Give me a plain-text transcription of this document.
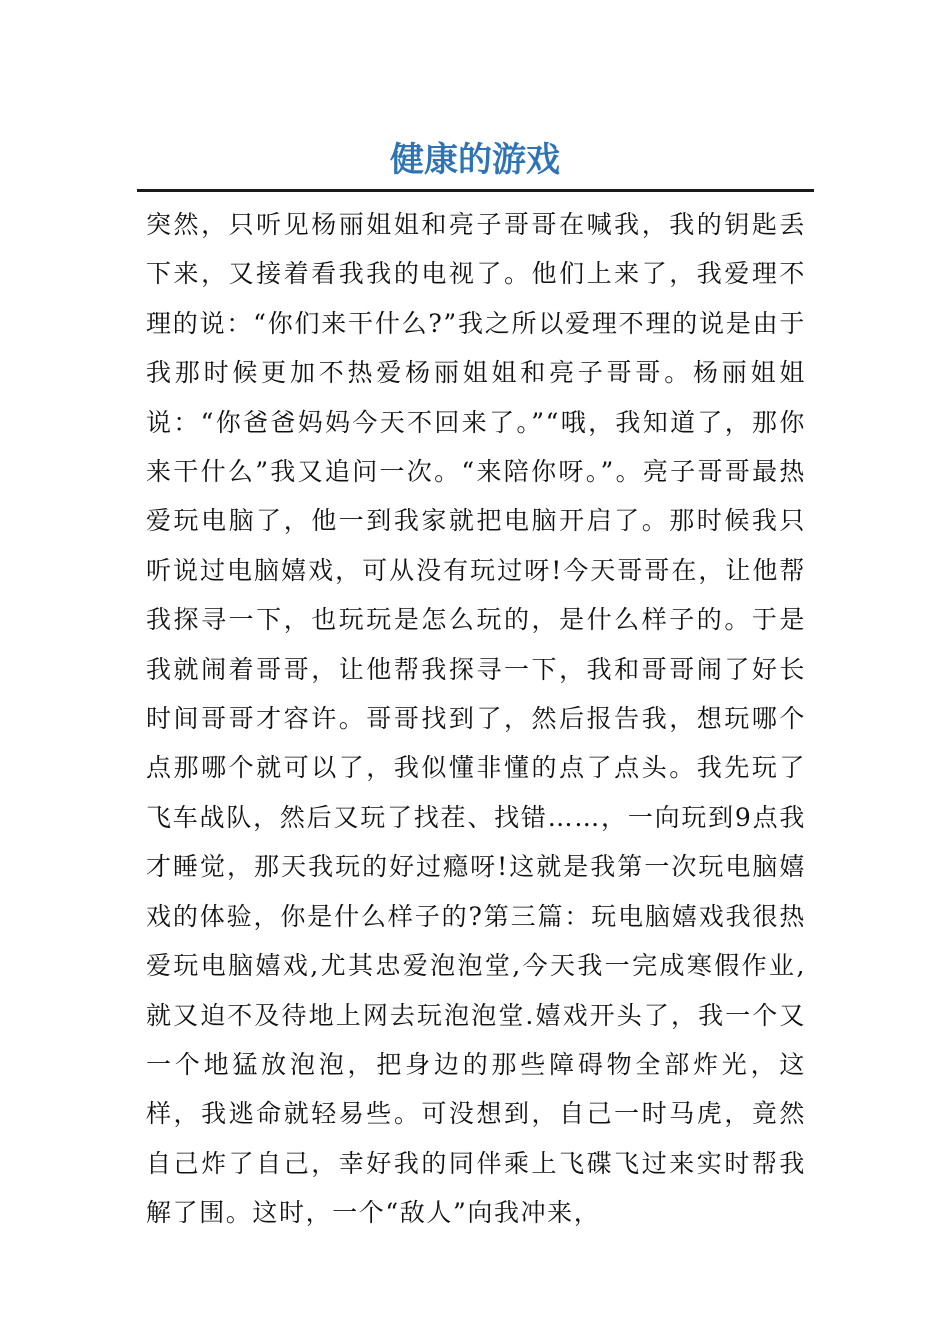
健康的游戏

突然，只听见杨丽姐姐和亮子哥哥在喊我，我的钥匙丢下来，又接着看我我的电视了。他们上来了，我爱理不理的说：“你们来干什么?”我之所以爱理不理的说是由于我那时候更加不热爱杨丽姐姐和亮子哥哥。杨丽姐姐说：“你爸爸妈妈今天不回来了。”“哦，我知道了，那你来干什么”我又追问一次。“来陪你呀。”。亮子哥哥最热爱玩电脑了，他一到我家就把电脑开启了。那时候我只听说过电脑嬉戏，可从没有玩过呀!今天哥哥在，让他帮我探寻一下，也玩玩是怎么玩的，是什么样子的。于是我就闹着哥哥，让他帮我探寻一下，我和哥哥闹了好长时间哥哥才容许。哥哥找到了，然后报告我，想玩哪个点那哪个就可以了，我似懂非懂的点了点头。我先玩了飞车战队，然后又玩了找茬、找错……，一向玩到9点我才睡觉，那天我玩的好过瘾呀!这就是我第一次玩电脑嬉戏的体验，你是什么样子的?第三篇：玩电脑嬉戏我很热爱玩电脑嬉戏,尤其忠爱泡泡堂,今天我一完成寒假作业,就又迫不及待地上网去玩泡泡堂.嬉戏开头了，我一个又一个地猛放泡泡，把身边的那些障碍物全部炸光，这样，我逃命就轻易些。可没想到，自己一时马虎，竟然自己炸了自己，幸好我的同伴乘上飞碟飞过来实时帮我解了围。这时，一个“敌人”向我冲来，
